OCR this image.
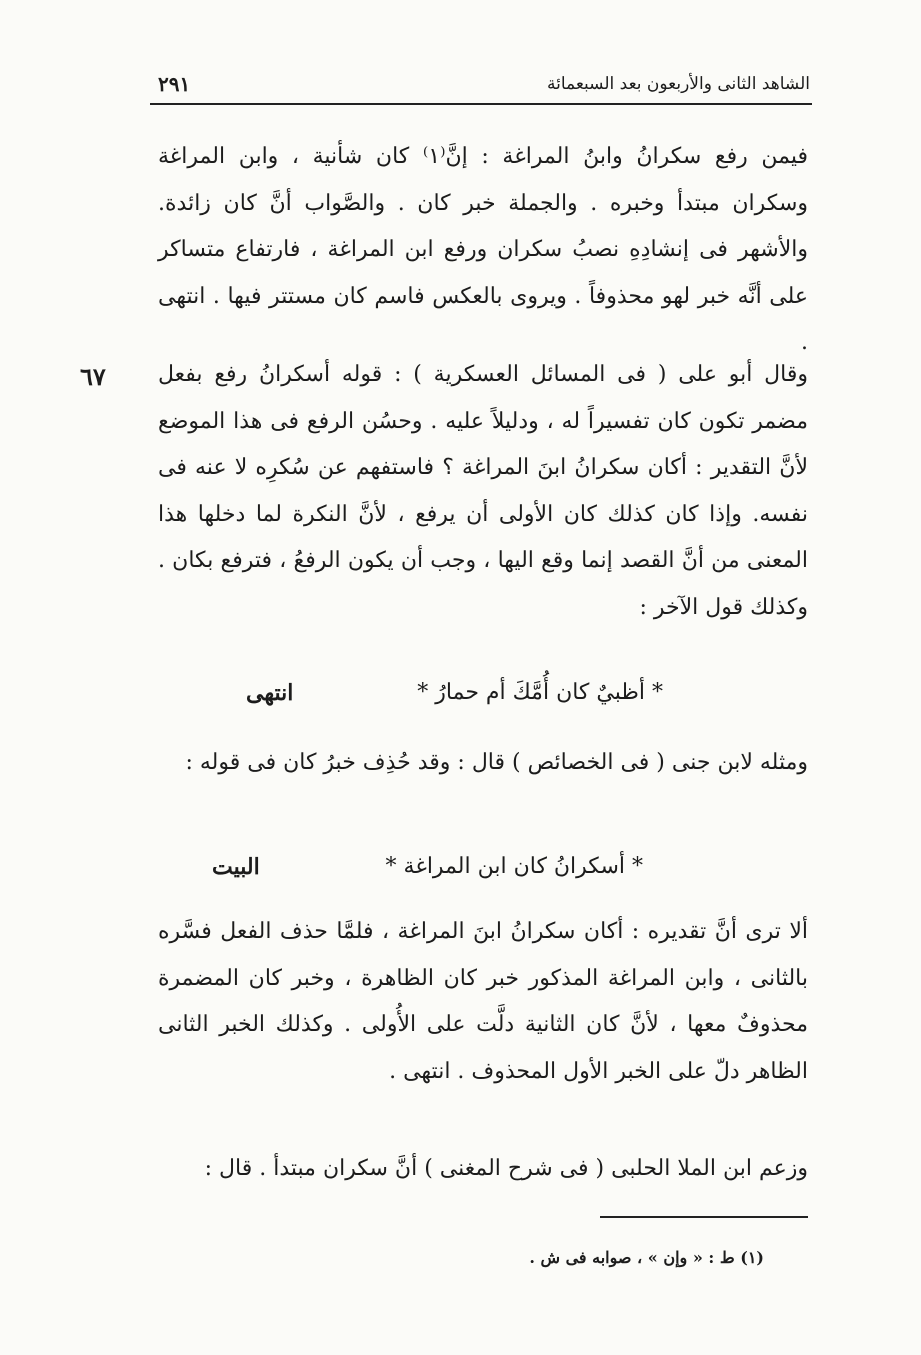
الشاهد الثانى والأربعون بعد السبعمائة
٢٩١

فيمن رفع سكرانُ وابنُ المراغة : إنَّ⁽١⁾ كان شأنية ، وابن المراغة وسكران مبتدأ وخبره . والجملة خبر كان . والصَّواب أنَّ كان زائدة. والأشهر فى إنشادِهِ نصبُ سكران ورفع ابن المراغة ، فارتفاع متساكر على أنَّه خبر لهو محذوفاً . ويروى بالعكس فاسم كان مستتر فيها . انتهى .

٦٧ وقال أبو على ( فى المسائل العسكرية ) : قوله أسكرانُ رفع بفعل مضمر تكون كان تفسيراً له ، ودليلاً عليه . وحسُن الرفع فى هذا الموضع لأنَّ التقدير : أكان سكرانُ ابنَ المراغة ؟ فاستفهم عن سُكرِه لا عنه فى نفسه. وإذا كان كذلك كان الأولى أن يرفع ، لأنَّ النكرة لما دخلها هذا المعنى من أنَّ القصد إنما وقع اليها ، وجب أن يكون الرفعُ ، فترفع بكان . وكذلك قول الآخر :

* أظبيٌ كان أُمَّكَ أم حمارُ *
انتهى

ومثله لابن جنى ( فى الخصائص ) قال : وقد حُذِف خبرُ كان فى قوله :

* أسكرانُ كان ابن المراغة *
البيت

ألا ترى أنَّ تقديره : أكان سكرانُ ابنَ المراغة ، فلمَّا حذف الفعل فسَّره بالثانى ، وابن المراغة المذكور خبر كان الظاهرة ، وخبر كان المضمرة محذوفٌ معها ، لأنَّ كان الثانية دلَّت على الأُولى . وكذلك الخبر الثانى الظاهر دلّ على الخبر الأول المحذوف . انتهى .

وزعم ابن الملا الحلبى ( فى شرح المغنى ) أنَّ سكران مبتدأ . قال :

(١) ط : « وإن » ، صوابه فى ش .
